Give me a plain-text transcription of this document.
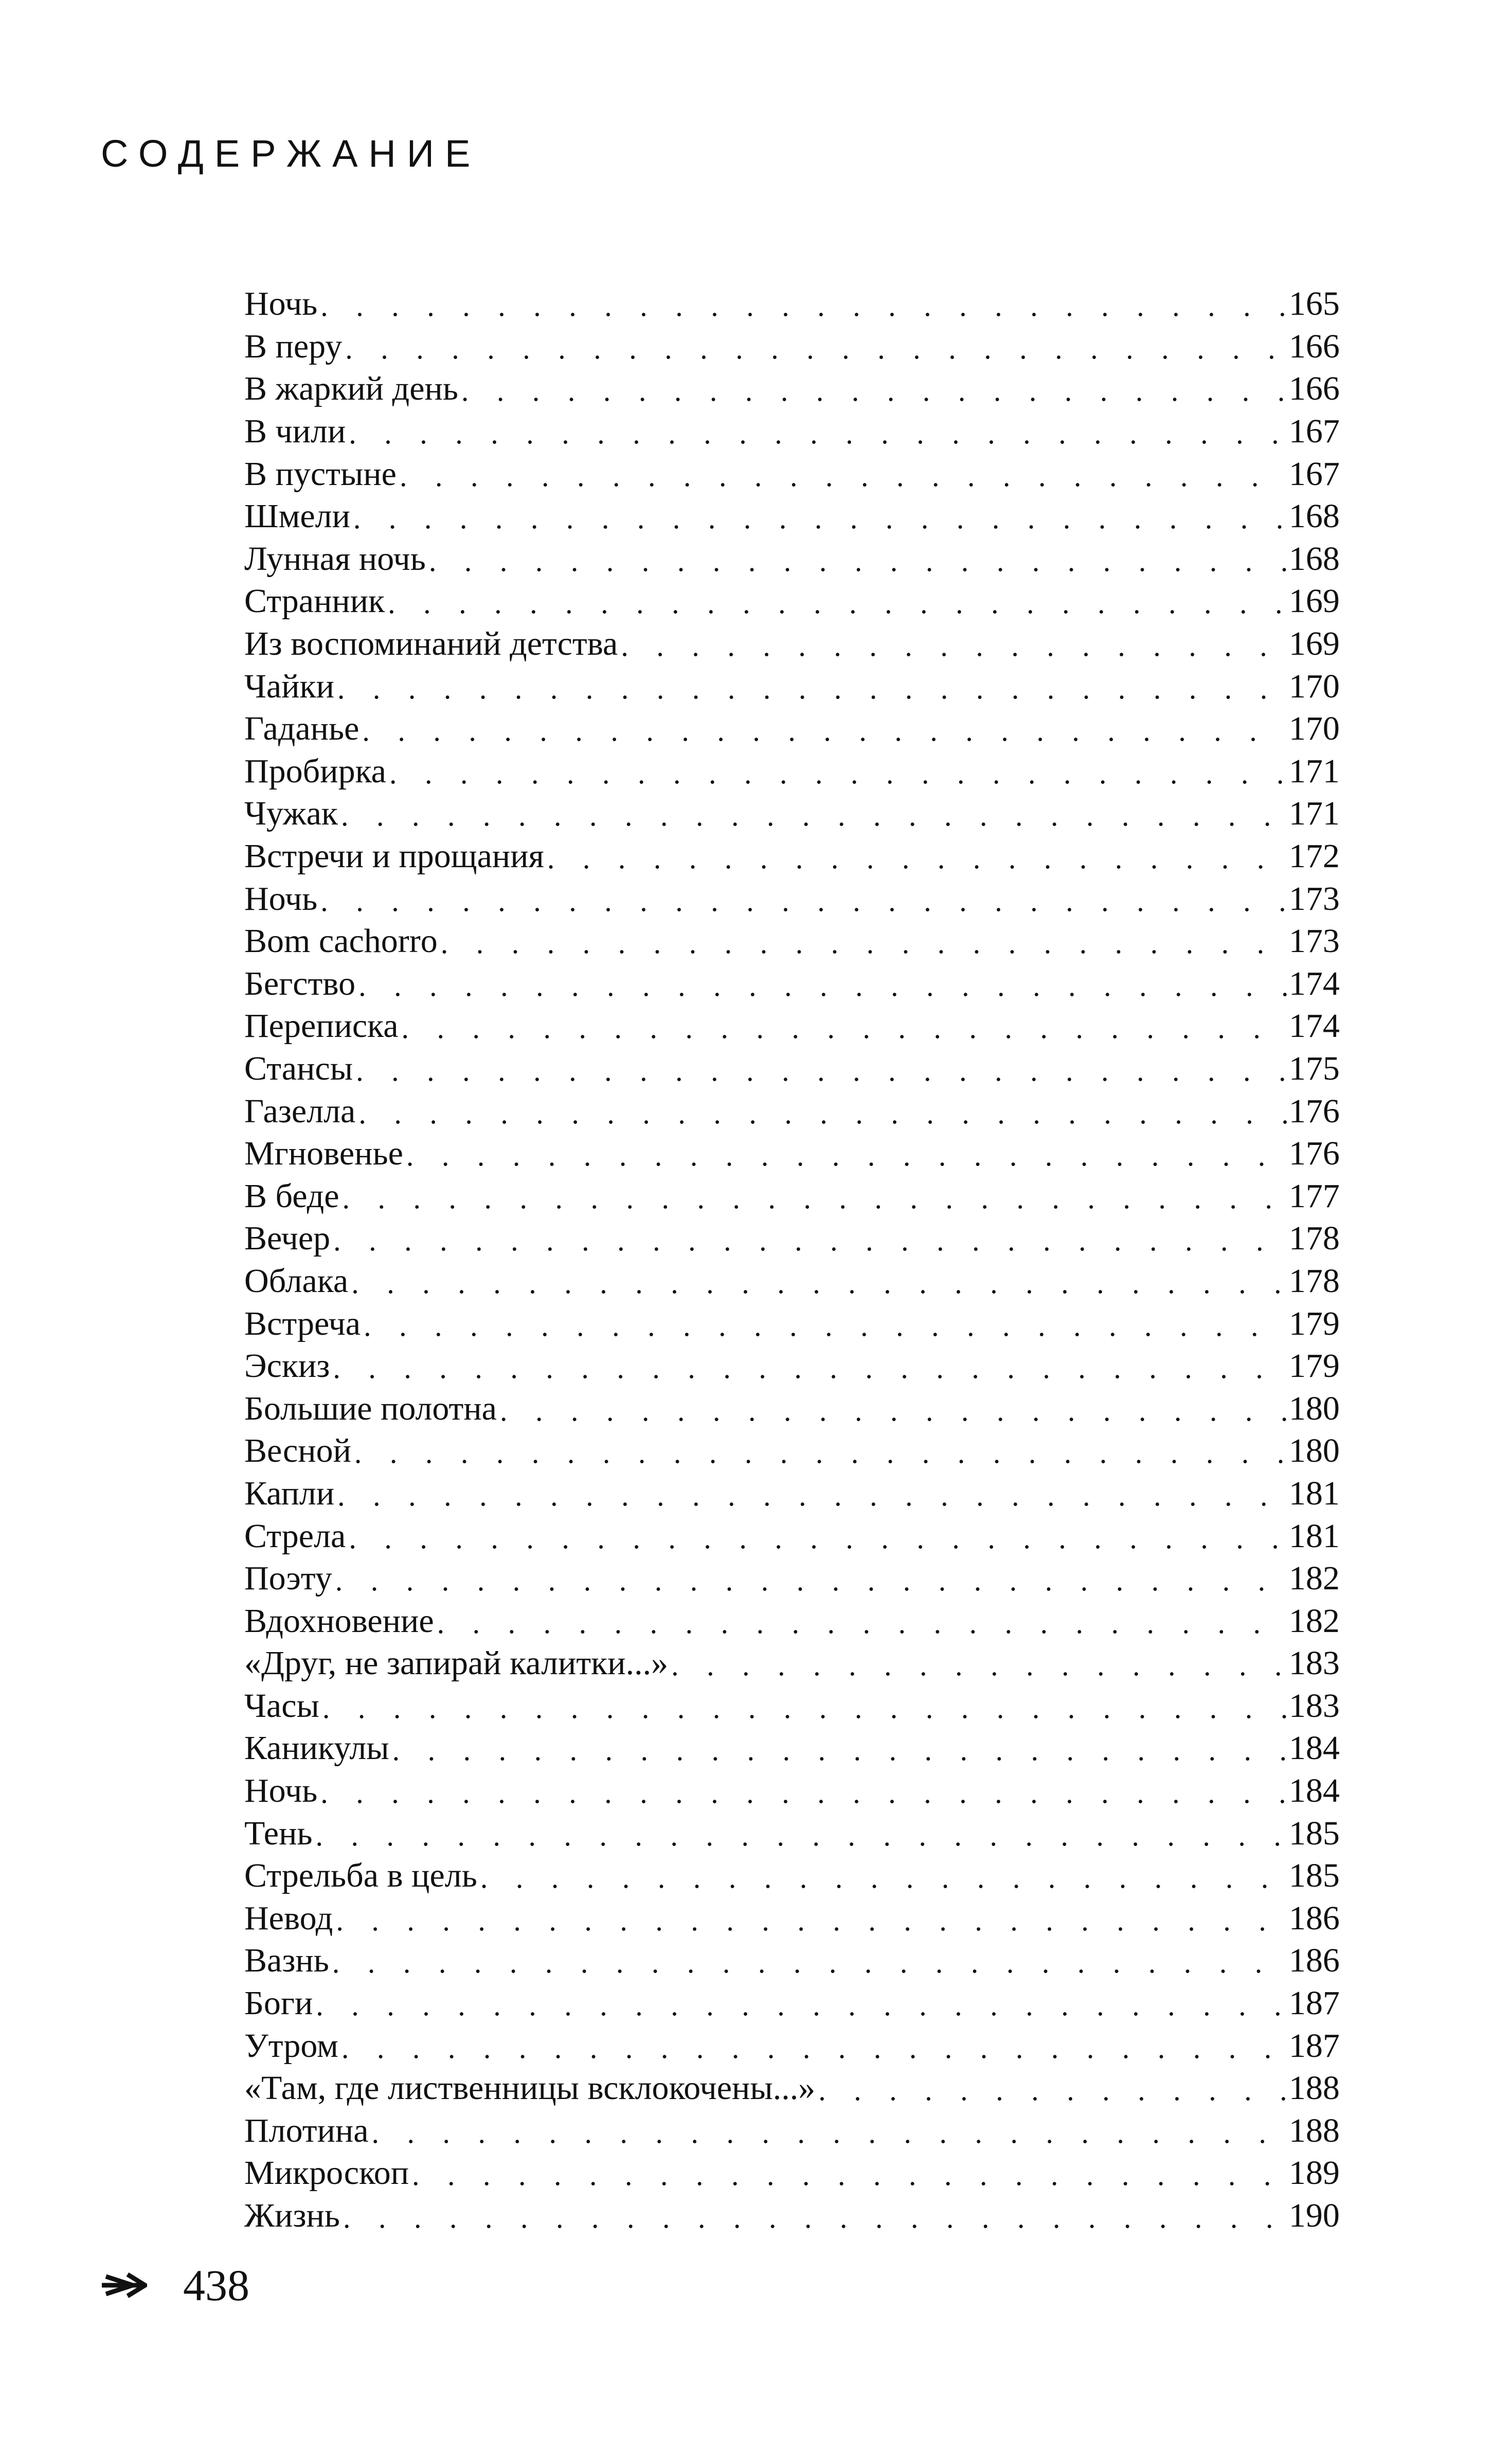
СОДЕРЖАНИЕ
Ночь . . .	165
В перу . . .	166
В жаркий день . . .	166
В чили . . .	167
В пустыне . . .	167
Шмели . . .	168
Лунная ночь . . .	168
Странник . . .	169
Из воспоминаний детства . . .	169
Чайки . . .	170
Гаданье . . .	170
Пробирка . . .	171
Чужак . . .	171
Встречи и прощания . . .	172
Ночь . . .	173
Bom cachorro . . .	173
Бегство . . .	174
Переписка . . .	174
Стансы . . .	175
Газелла . . .	176
Мгновенье . . .	176
В беде . . .	177
Вечер . . .	178
Облака . . .	178
Встреча . . .	179
Эскиз . . .	179
Большие полотна . . .	180
Весной . . .	180
Капли . . .	181
Стрела . . .	181
Поэту . . .	182
Вдохновение . . .	182
«Друг, не запирай калитки...» . . .	183
Часы . . .	183
Каникулы . . .	184
Ночь . . .	184
Тень . . .	185
Стрельба в цель . . .	185
Невод . . .	186
Вазнь . . .	186
Боги . . .	187
Утром . . .	187
«Там, где лиственницы всклокочены...» . . .	188
Плотина . . .	188
Микроскоп . . .	189
Жизнь . . .	190
438
